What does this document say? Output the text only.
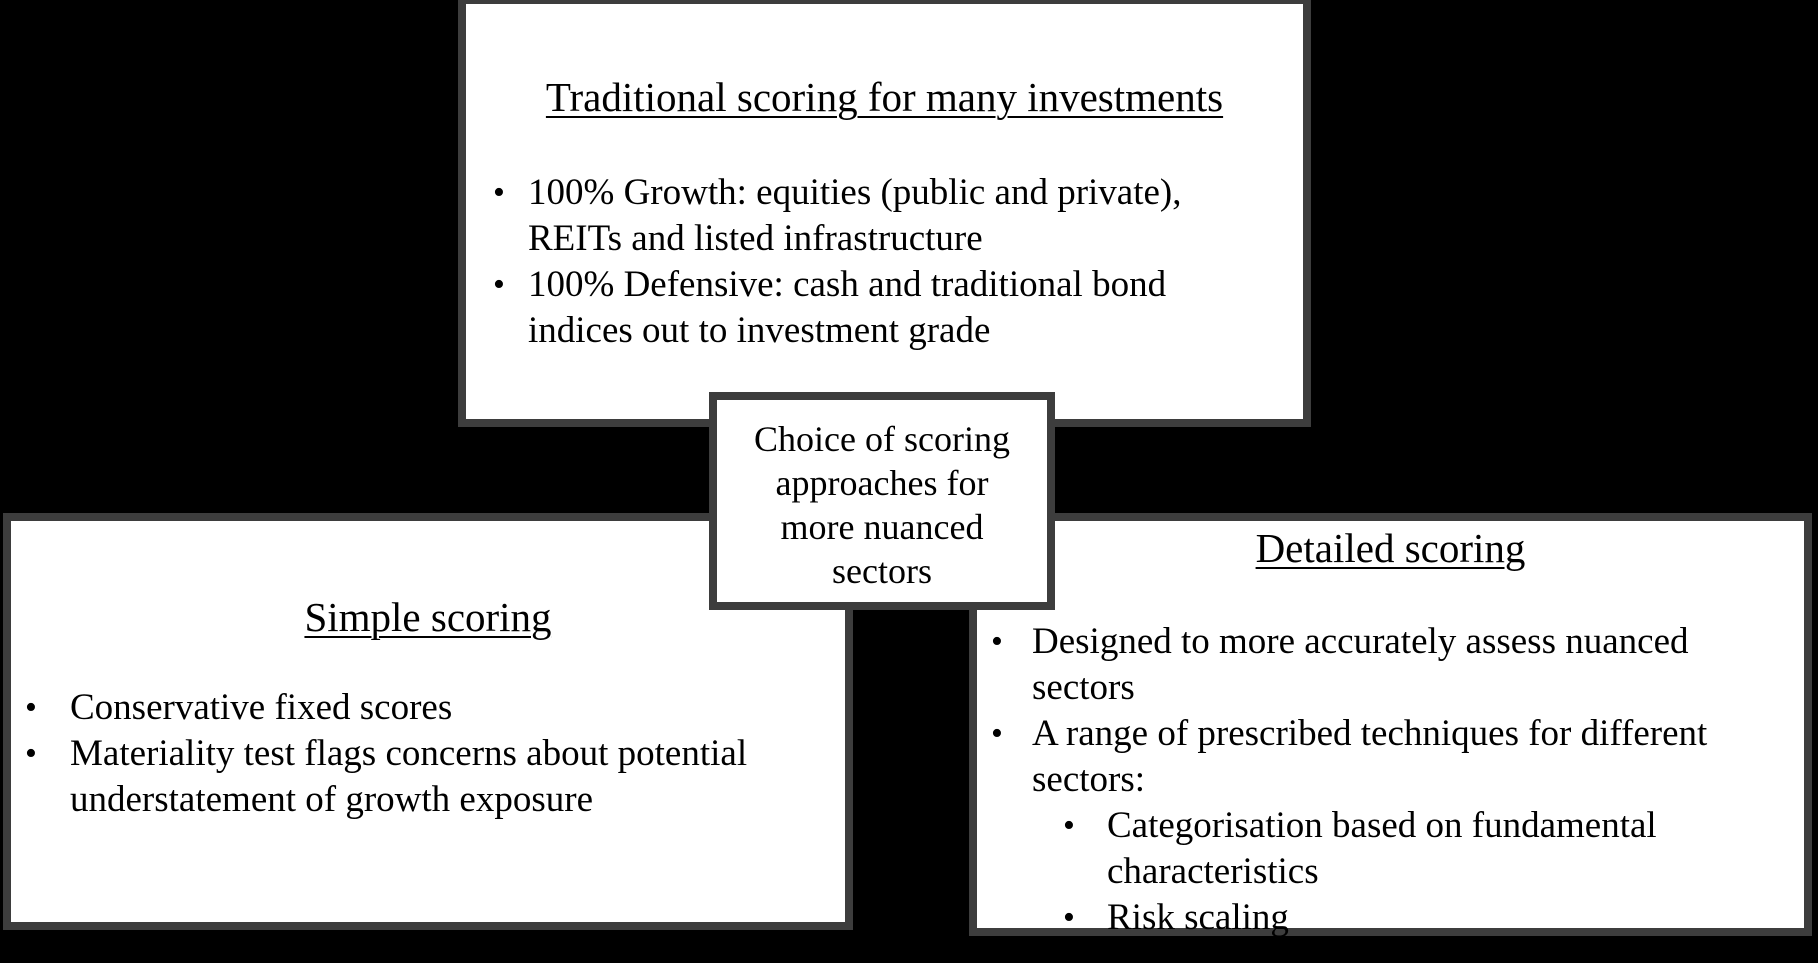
Traditional scoring for many investments
• 100% Growth: equities (public and private),
REITs and listed infrastructure
• 100% Defensive: cash and traditional bond
indices out to investment grade
Choice of scoring
approaches for
more nuanced
sectors
Simple scoring
• Conservative fixed scores
• Materiality test flags concerns about potential
understatement of growth exposure
Detailed scoring
• Designed to more accurately assess nuanced
sectors
• A range of prescribed techniques for different
sectors:
• Categorisation based on fundamental
characteristics
• Risk scaling
